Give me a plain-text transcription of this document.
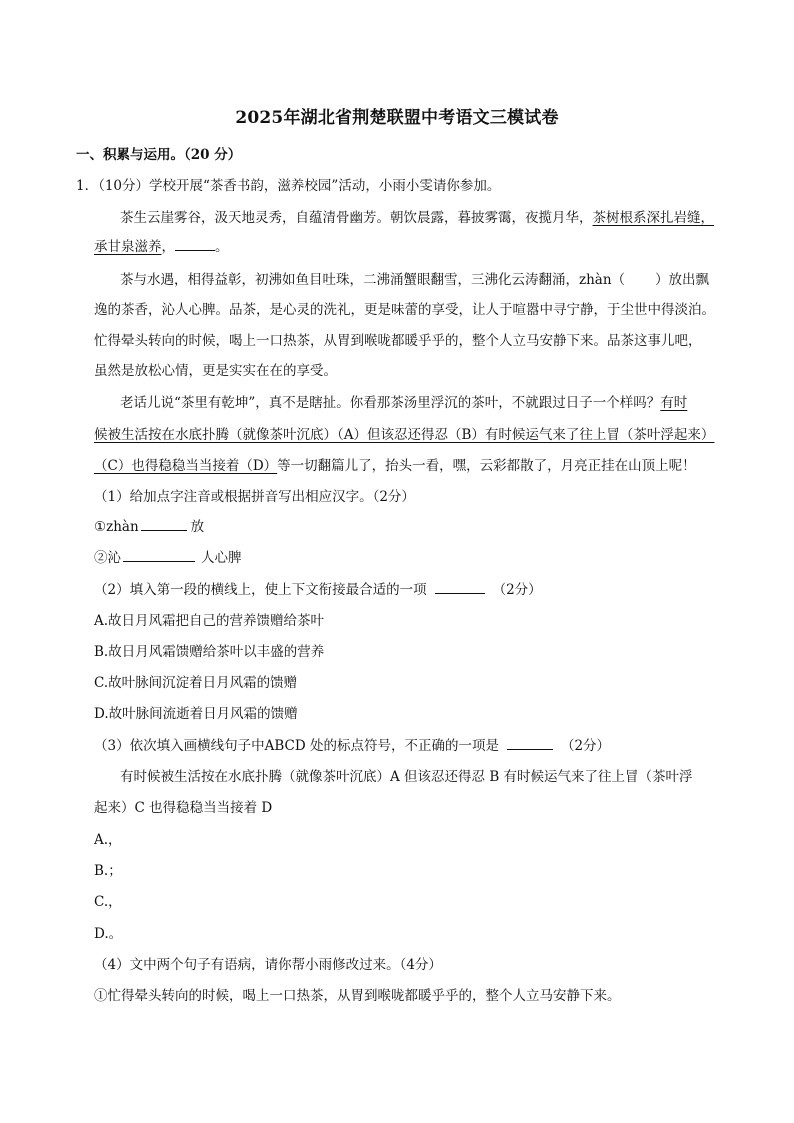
2025年湖北省荆楚联盟中考语文三模试卷
一、积累与运用。（20 分）
1．（10分）学校开展“茶香书韵，滋养校园”活动，小雨小雯请你参加。
茶生云崖雾谷，汲天地灵秀，自蕴清骨幽芳。朝饮晨露，暮披雾霭，夜揽月华，茶树根系深扎岩缝，
承甘泉滋养，	。
茶与水遇，相得益彰，初沸如鱼目吐珠，二沸涌蟹眼翻雪，三沸化云涛翻涌，zhàn（ ）放出飘
逸的茶香，沁人心脾。品茶，是心灵的洗礼，更是味蕾的享受，让人于喧嚣中寻宁静，于尘世中得淡泊。
忙得晕头转向的时候，喝上一口热茶，从胃到喉咙都暖乎乎的，整个人立马安静下来。品茶这事儿吧，
虽然是放松心情，更是实实在在的享受。
老话儿说“茶里有乾坤”，真不是瞎扯。你看那茶汤里浮沉的茶叶，不就跟过日子一个样吗？有时
候被生活按在水底扑腾（就像茶叶沉底）（A）但该忍还得忍（B）有时候运气来了往上冒（茶叶浮起来）
（C）也得稳稳当当接着（D）等一切翻篇儿了，抬头一看，嘿，云彩都散了，月亮正挂在山顶上呢！
（1）给加点字注音或根据拼音写出相应汉字。（2分）
①zhàn	放
②沁	人心脾
（2）填入第一段的横线上，使上下文衔接最合适的一项	（2分）
A.故日月风霜把自己的营养馈赠给茶叶
B.故日月风霜馈赠给茶叶以丰盛的营养
C.故叶脉间沉淀着日月风霜的馈赠
D.故叶脉间流逝着日月风霜的馈赠
（3）依次填入画横线句子中ABCD 处的标点符号，不正确的一项是	（2分）
有时候被生活按在水底扑腾（就像茶叶沉底）A 但该忍还得忍 B 有时候运气来了往上冒（茶叶浮
起来）C 也得稳稳当当接着 D
A.，
B.；
C.，
D.。
（4）文中两个句子有语病，请你帮小雨修改过来。（4分）
①忙得晕头转向的时候，喝上一口热茶，从胃到喉咙都暖乎乎的，整个人立马安静下来。
